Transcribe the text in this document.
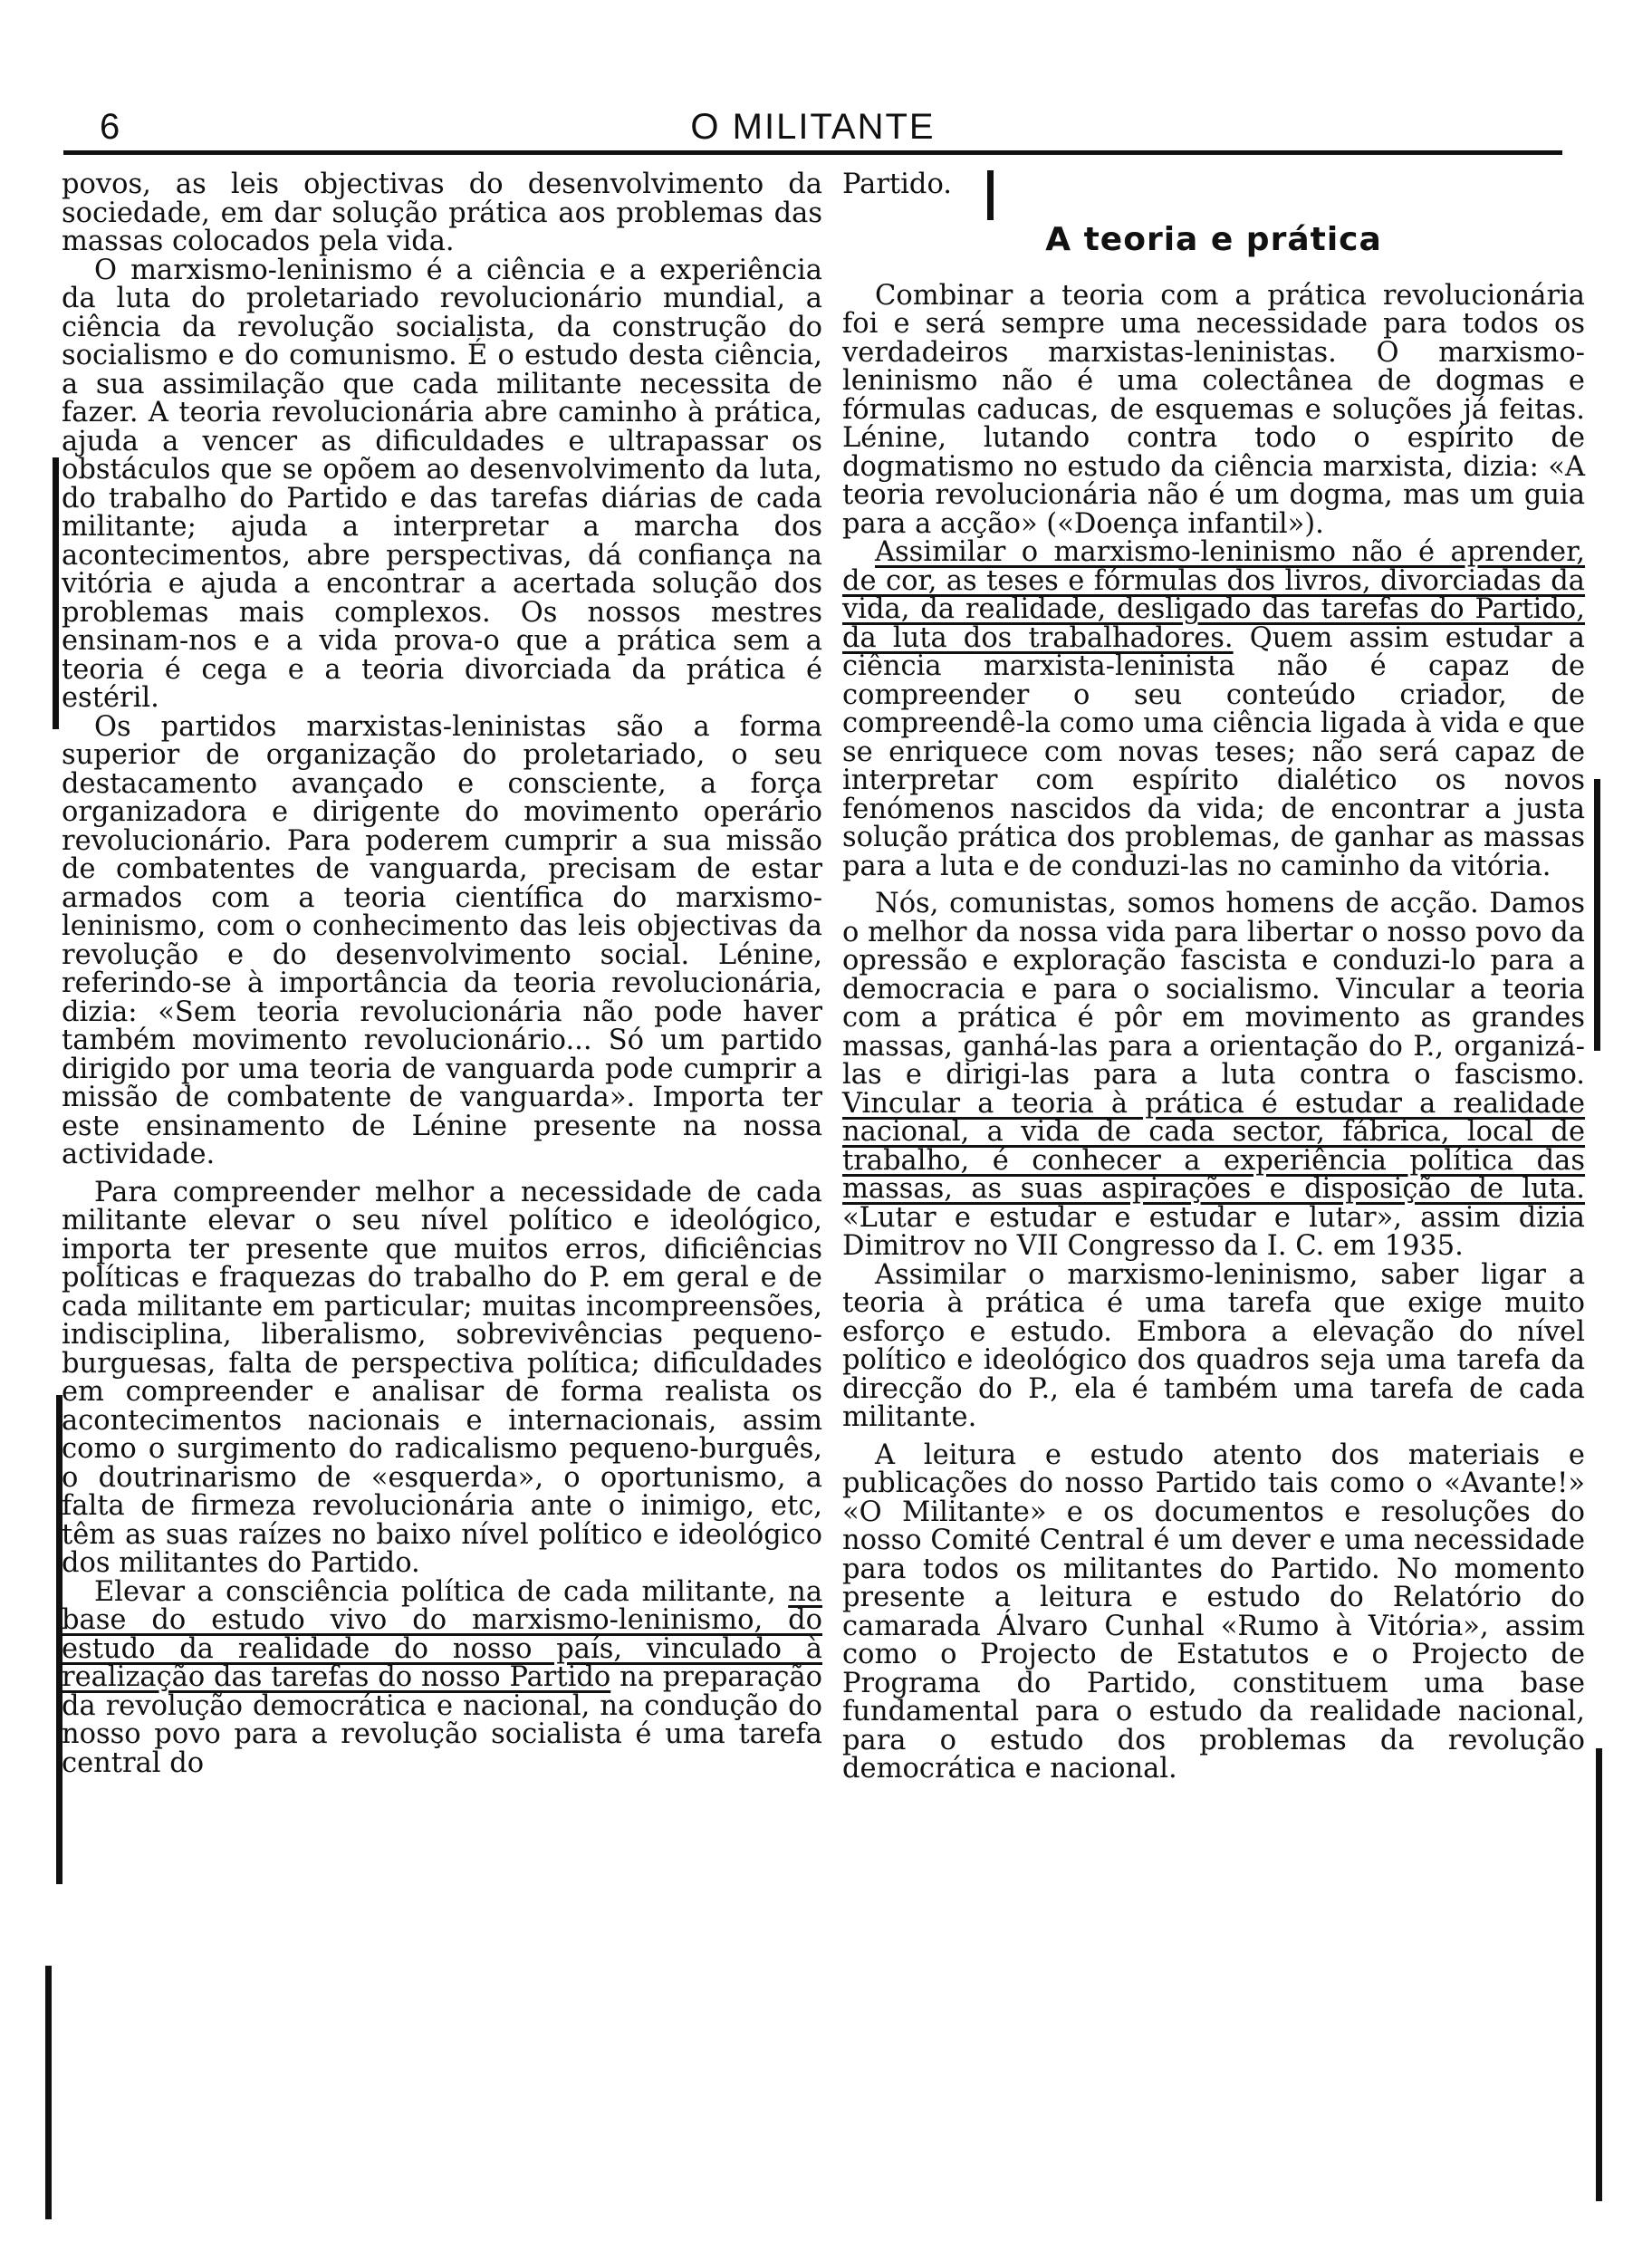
6	O MILITANTE

povos, as leis objectivas do desenvolvimento da sociedade, em dar solução prática aos problemas das massas colocados pela vida.

O marxismo-leninismo é a ciência e a experiência da luta do proletariado revolucionário mundial, a ciência da revolução socialista, da construção do socialismo e do comunismo. É o estudo desta ciência, a sua assimilação que cada militante necessita de fazer. A teoria revolucionária abre caminho à prática, ajuda a vencer as dificuldades e ultrapassar os obstáculos que se opõem ao desenvolvimento da luta, do trabalho do Partido e das tarefas diárias de cada militante; ajuda a interpretar a marcha dos acontecimentos, abre perspectivas, dá confiança na vitória e ajuda a encontrar a acertada solução dos problemas mais complexos. Os nossos mestres ensinam-nos e a vida prova-o que a prática sem a teoria é cega e a teoria divorciada da prática é estéril.

Os partidos marxistas-leninistas são a forma superior de organização do proletariado, o seu destacamento avançado e consciente, a força organizadora e dirigente do movimento operário revolucionário. Para poderem cumprir a sua missão de combatentes de vanguarda, precisam de estar armados com a teoria científica do marxismo-leninismo, com o conhecimento das leis objectivas da revolução e do desenvolvimento social. Lénine, referindo-se à importância da teoria revolucionária, dizia: «Sem teoria revolucionária não pode haver também movimento revolucionário... Só um partido dirigido por uma teoria de vanguarda pode cumprir a missão de combatente de vanguarda». Importa ter este ensinamento de Lénine presente na nossa actividade.

Para compreender melhor a necessidade de cada militante elevar o seu nível político e ideológico, importa ter presente que muitos erros, dificiências políticas e fraquezas do trabalho do P. em geral e de cada militante em particular; muitas incompreensões, indisciplina, liberalismo, sobrevivências pequeno-burguesas, falta de perspectiva política; dificuldades em compreender e analisar de forma realista os acontecimentos nacionais e internacionais, assim como o surgimento do radicalismo pequeno-burguês, o doutrinarismo de «esquerda», o oportunismo, a falta de firmeza revolucionária ante o inimigo, etc, têm as suas raízes no baixo nível político e ideológico dos militantes do Partido.

Elevar a consciência política de cada militante, na base do estudo vivo do marxismo-leninismo, do estudo da realidade do nosso país, vinculado à realização das tarefas do nosso Partido na preparação da revolução democrática e nacional, na condução do nosso povo para a revolução socialista é uma tarefa central do

Partido.

A teoria e prática

Combinar a teoria com a prática revolucionária foi e será sempre uma necessidade para todos os verdadeiros marxistas-leninistas. O marxismo-leninismo não é uma colectânea de dogmas e fórmulas caducas, de esquemas e soluções já feitas. Lénine, lutando contra todo o espírito de dogmatismo no estudo da ciência marxista, dizia: «A teoria revolucionária não é um dogma, mas um guia para a acção» («Doença infantil»).

Assimilar o marxismo-leninismo não é aprender, de cor, as teses e fórmulas dos livros, divorciadas da vida, da realidade, desligado das tarefas do Partido, da luta dos trabalhadores. Quem assim estudar a ciência marxista-leninista não é capaz de compreender o seu conteúdo criador, de compreendê-la como uma ciência ligada à vida e que se enriquece com novas teses; não será capaz de interpretar com espírito dialético os novos fenómenos nascidos da vida; de encontrar a justa solução prática dos problemas, de ganhar as massas para a luta e de conduzi-las no caminho da vitória.

Nós, comunistas, somos homens de acção. Damos o melhor da nossa vida para libertar o nosso povo da opressão e exploração fascista e conduzi-lo para a democracia e para o socialismo. Vincular a teoria com a prática é pôr em movimento as grandes massas, ganhá-las para a orientação do P., organizá-las e dirigi-las para a luta contra o fascismo. Vincular a teoria à prática é estudar a realidade nacional, a vida de cada sector, fábrica, local de trabalho, é conhecer a experiência política das massas, as suas aspirações e disposição de luta. «Lutar e estudar e estudar e lutar», assim dizia Dimitrov no VII Congresso da I. C. em 1935.

Assimilar o marxismo-leninismo, saber ligar a teoria à prática é uma tarefa que exige muito esforço e estudo. Embora a elevação do nível político e ideológico dos quadros seja uma tarefa da direcção do P., ela é também uma tarefa de cada militante.

A leitura e estudo atento dos materiais e publicações do nosso Partido tais como o «Avante!» «O Militante» e os documentos e resoluções do nosso Comité Central é um dever e uma necessidade para todos os militantes do Partido. No momento presente a leitura e estudo do Relatório do camarada Álvaro Cunhal «Rumo à Vitória», assim como o Projecto de Estatutos e o Projecto de Programa do Partido, constituem uma base fundamental para o estudo da realidade nacional, para o estudo dos problemas da revolução democrática e nacional.
